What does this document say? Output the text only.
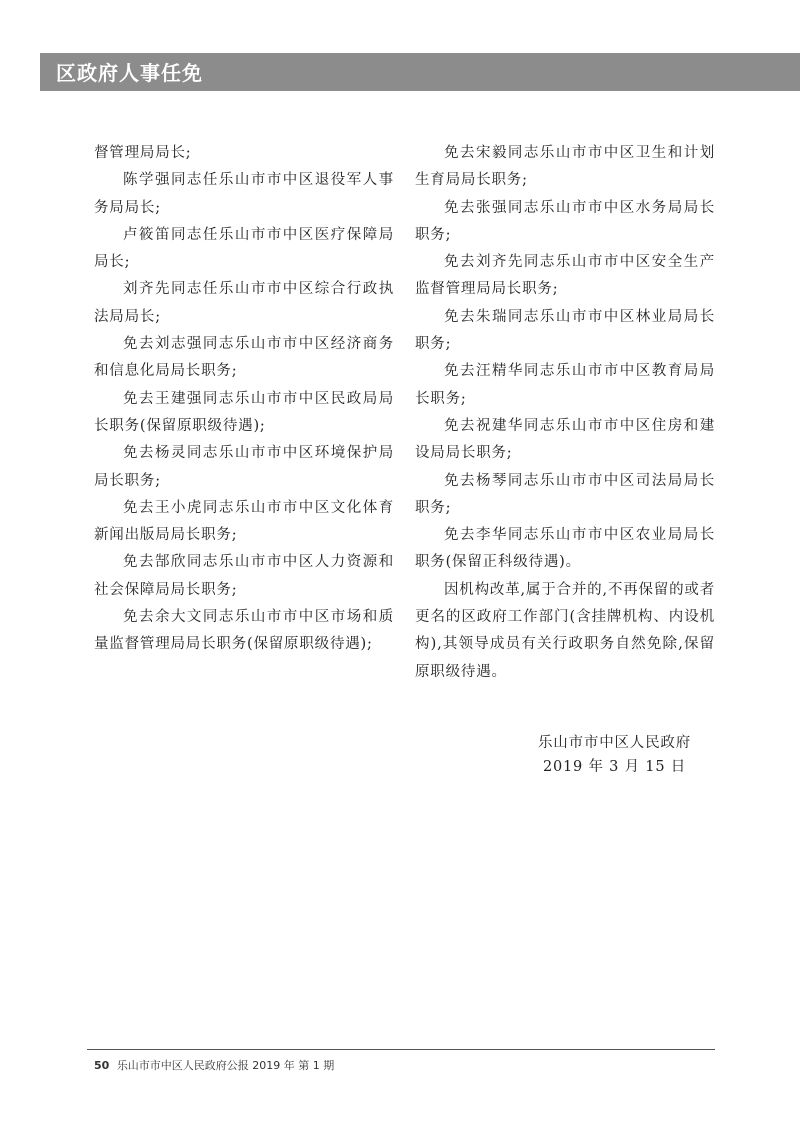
区政府人事任免

督管理局局长;

陈学强同志任乐山市市中区退役军人事务局局长;

卢筱笛同志任乐山市市中区医疗保障局局长;

刘齐先同志任乐山市市中区综合行政执法局局长;

免去刘志强同志乐山市市中区经济商务和信息化局局长职务;

免去王建强同志乐山市市中区民政局局长职务(保留原职级待遇);

免去杨灵同志乐山市市中区环境保护局局长职务;

免去王小虎同志乐山市市中区文化体育新闻出版局局长职务;

免去郜欣同志乐山市市中区人力资源和社会保障局局长职务;

免去余大文同志乐山市市中区市场和质量监督管理局局长职务(保留原职级待遇);

免去宋毅同志乐山市市中区卫生和计划生育局局长职务;

免去张强同志乐山市市中区水务局局长职务;

免去刘齐先同志乐山市市中区安全生产监督管理局局长职务;

免去朱瑞同志乐山市市中区林业局局长职务;

免去汪精华同志乐山市市中区教育局局长职务;

免去祝建华同志乐山市市中区住房和建设局局长职务;

免去杨琴同志乐山市市中区司法局局长职务;

免去李华同志乐山市市中区农业局局长职务(保留正科级待遇)。

因机构改革,属于合并的,不再保留的或者更名的区政府工作部门(含挂牌机构、内设机构),其领导成员有关行政职务自然免除,保留原职级待遇。

乐山市市中区人民政府
2019 年 3 月 15 日
50 乐山市市中区人民政府公报 2019 年 第 1 期
